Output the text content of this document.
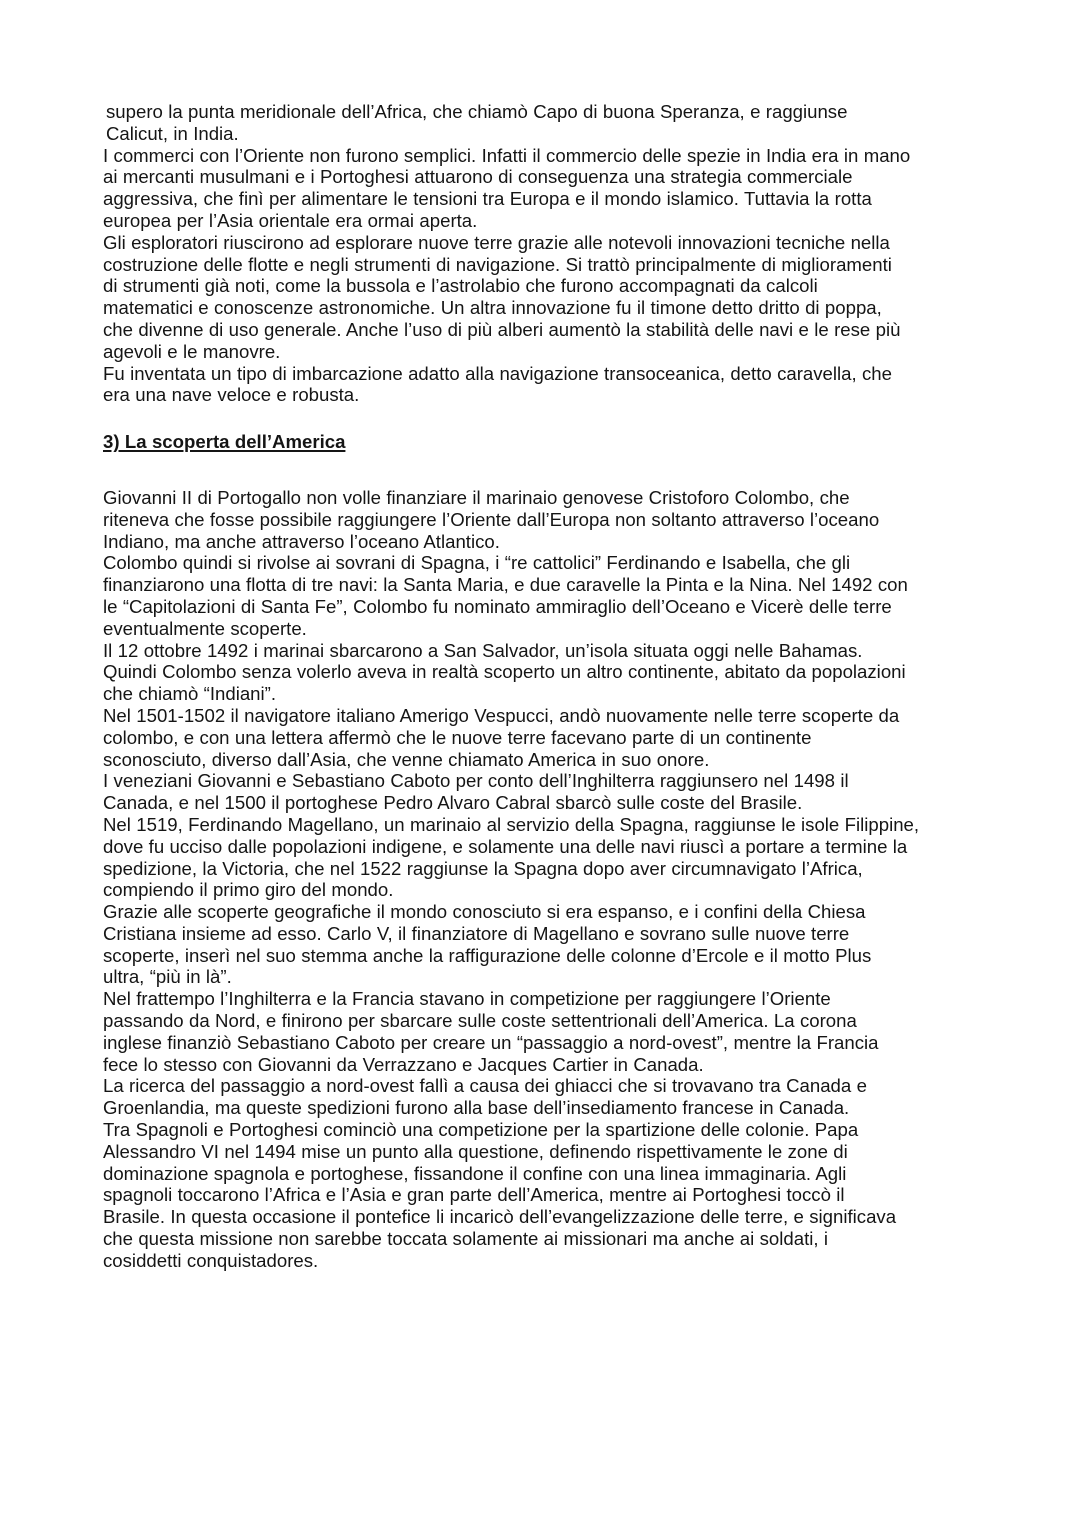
supero la punta meridionale dell’Africa, che chiamò Capo di buona Speranza, e raggiunse
Calicut, in India.

I commerci con l’Oriente non furono semplici. Infatti il commercio delle spezie in India era in mano
ai mercanti musulmani e i Portoghesi attuarono di conseguenza una strategia commerciale
aggressiva, che finì per alimentare le tensioni tra Europa e il mondo islamico. Tuttavia la rotta
europea per l’Asia orientale era ormai aperta.

Gli esploratori riuscirono ad esplorare nuove terre grazie alle notevoli innovazioni tecniche nella
costruzione delle flotte e negli strumenti di navigazione. Si trattò principalmente di miglioramenti
di strumenti già noti, come la bussola e l’astrolabio che furono accompagnati da calcoli
matematici e conoscenze astronomiche. Un altra innovazione fu il timone detto dritto di poppa,
che divenne di uso generale. Anche l’uso di più alberi aumentò la stabilità delle navi e le rese più
agevoli e le manovre.

Fu inventata un tipo di imbarcazione adatto alla navigazione transoceanica, detto caravella, che
era una nave veloce e robusta.

3) La scoperta dell’America

Giovanni II di Portogallo non volle finanziare il marinaio genovese Cristoforo Colombo, che
riteneva che fosse possibile raggiungere l’Oriente dall’Europa non soltanto attraverso l’oceano
Indiano, ma anche attraverso l’oceano Atlantico.

Colombo quindi si rivolse ai sovrani di Spagna, i “re cattolici” Ferdinando e Isabella, che gli
finanziarono una flotta di tre navi: la Santa Maria, e due caravelle la Pinta e la Nina. Nel 1492 con
le “Capitolazioni di Santa Fe”, Colombo fu nominato ammiraglio dell’Oceano e Vicerè delle terre
eventualmente scoperte.

Il 12 ottobre 1492 i marinai sbarcarono a San Salvador, un’isola situata oggi nelle Bahamas.
Quindi Colombo senza volerlo aveva in realtà scoperto un altro continente, abitato da popolazioni
che chiamò “Indiani”.

Nel 1501-1502 il navigatore italiano Amerigo Vespucci, andò nuovamente nelle terre scoperte da
colombo, e con una lettera affermò che le nuove terre facevano parte di un continente
sconosciuto, diverso dall’Asia, che venne chiamato America in suo onore.

I veneziani Giovanni e Sebastiano Caboto per conto dell’Inghilterra raggiunsero nel 1498 il
Canada, e nel 1500 il portoghese Pedro Alvaro Cabral sbarcò sulle coste del Brasile.

Nel 1519, Ferdinando Magellano, un marinaio al servizio della Spagna, raggiunse le isole Filippine,
dove fu ucciso dalle popolazioni indigene, e solamente una delle navi riuscì a portare a termine la
spedizione, la Victoria, che nel 1522 raggiunse la Spagna dopo aver circumnavigato l’Africa,
compiendo il primo giro del mondo.

Grazie alle scoperte geografiche il mondo conosciuto si era espanso, e i confini della Chiesa
Cristiana insieme ad esso. Carlo V, il finanziatore di Magellano e sovrano sulle nuove terre
scoperte, inserì nel suo stemma anche la raffigurazione delle colonne d’Ercole e il motto Plus
ultra, “più in là”.

Nel frattempo l’Inghilterra e la Francia stavano in competizione per raggiungere l’Oriente
passando da Nord, e finirono per sbarcare sulle coste settentrionali dell’America. La corona
inglese finanziò Sebastiano Caboto per creare un “passaggio a nord-ovest”, mentre la Francia
fece lo stesso con Giovanni da Verrazzano e Jacques Cartier in Canada.

La ricerca del passaggio a nord-ovest fallì a causa dei ghiacci che si trovavano tra Canada e
Groenlandia, ma queste spedizioni furono alla base dell’insediamento francese in Canada.

Tra Spagnoli e Portoghesi cominciò una competizione per la spartizione delle colonie. Papa
Alessandro VI nel 1494 mise un punto alla questione, definendo rispettivamente le zone di
dominazione spagnola e portoghese, fissandone il confine con una linea immaginaria. Agli
spagnoli toccarono l’Africa e l’Asia e gran parte dell’America, mentre ai Portoghesi toccò il
Brasile. In questa occasione il pontefice li incaricò dell’evangelizzazione delle terre, e significava
che questa missione non sarebbe toccata solamente ai missionari ma anche ai soldati, i
cosiddetti conquistadores.
